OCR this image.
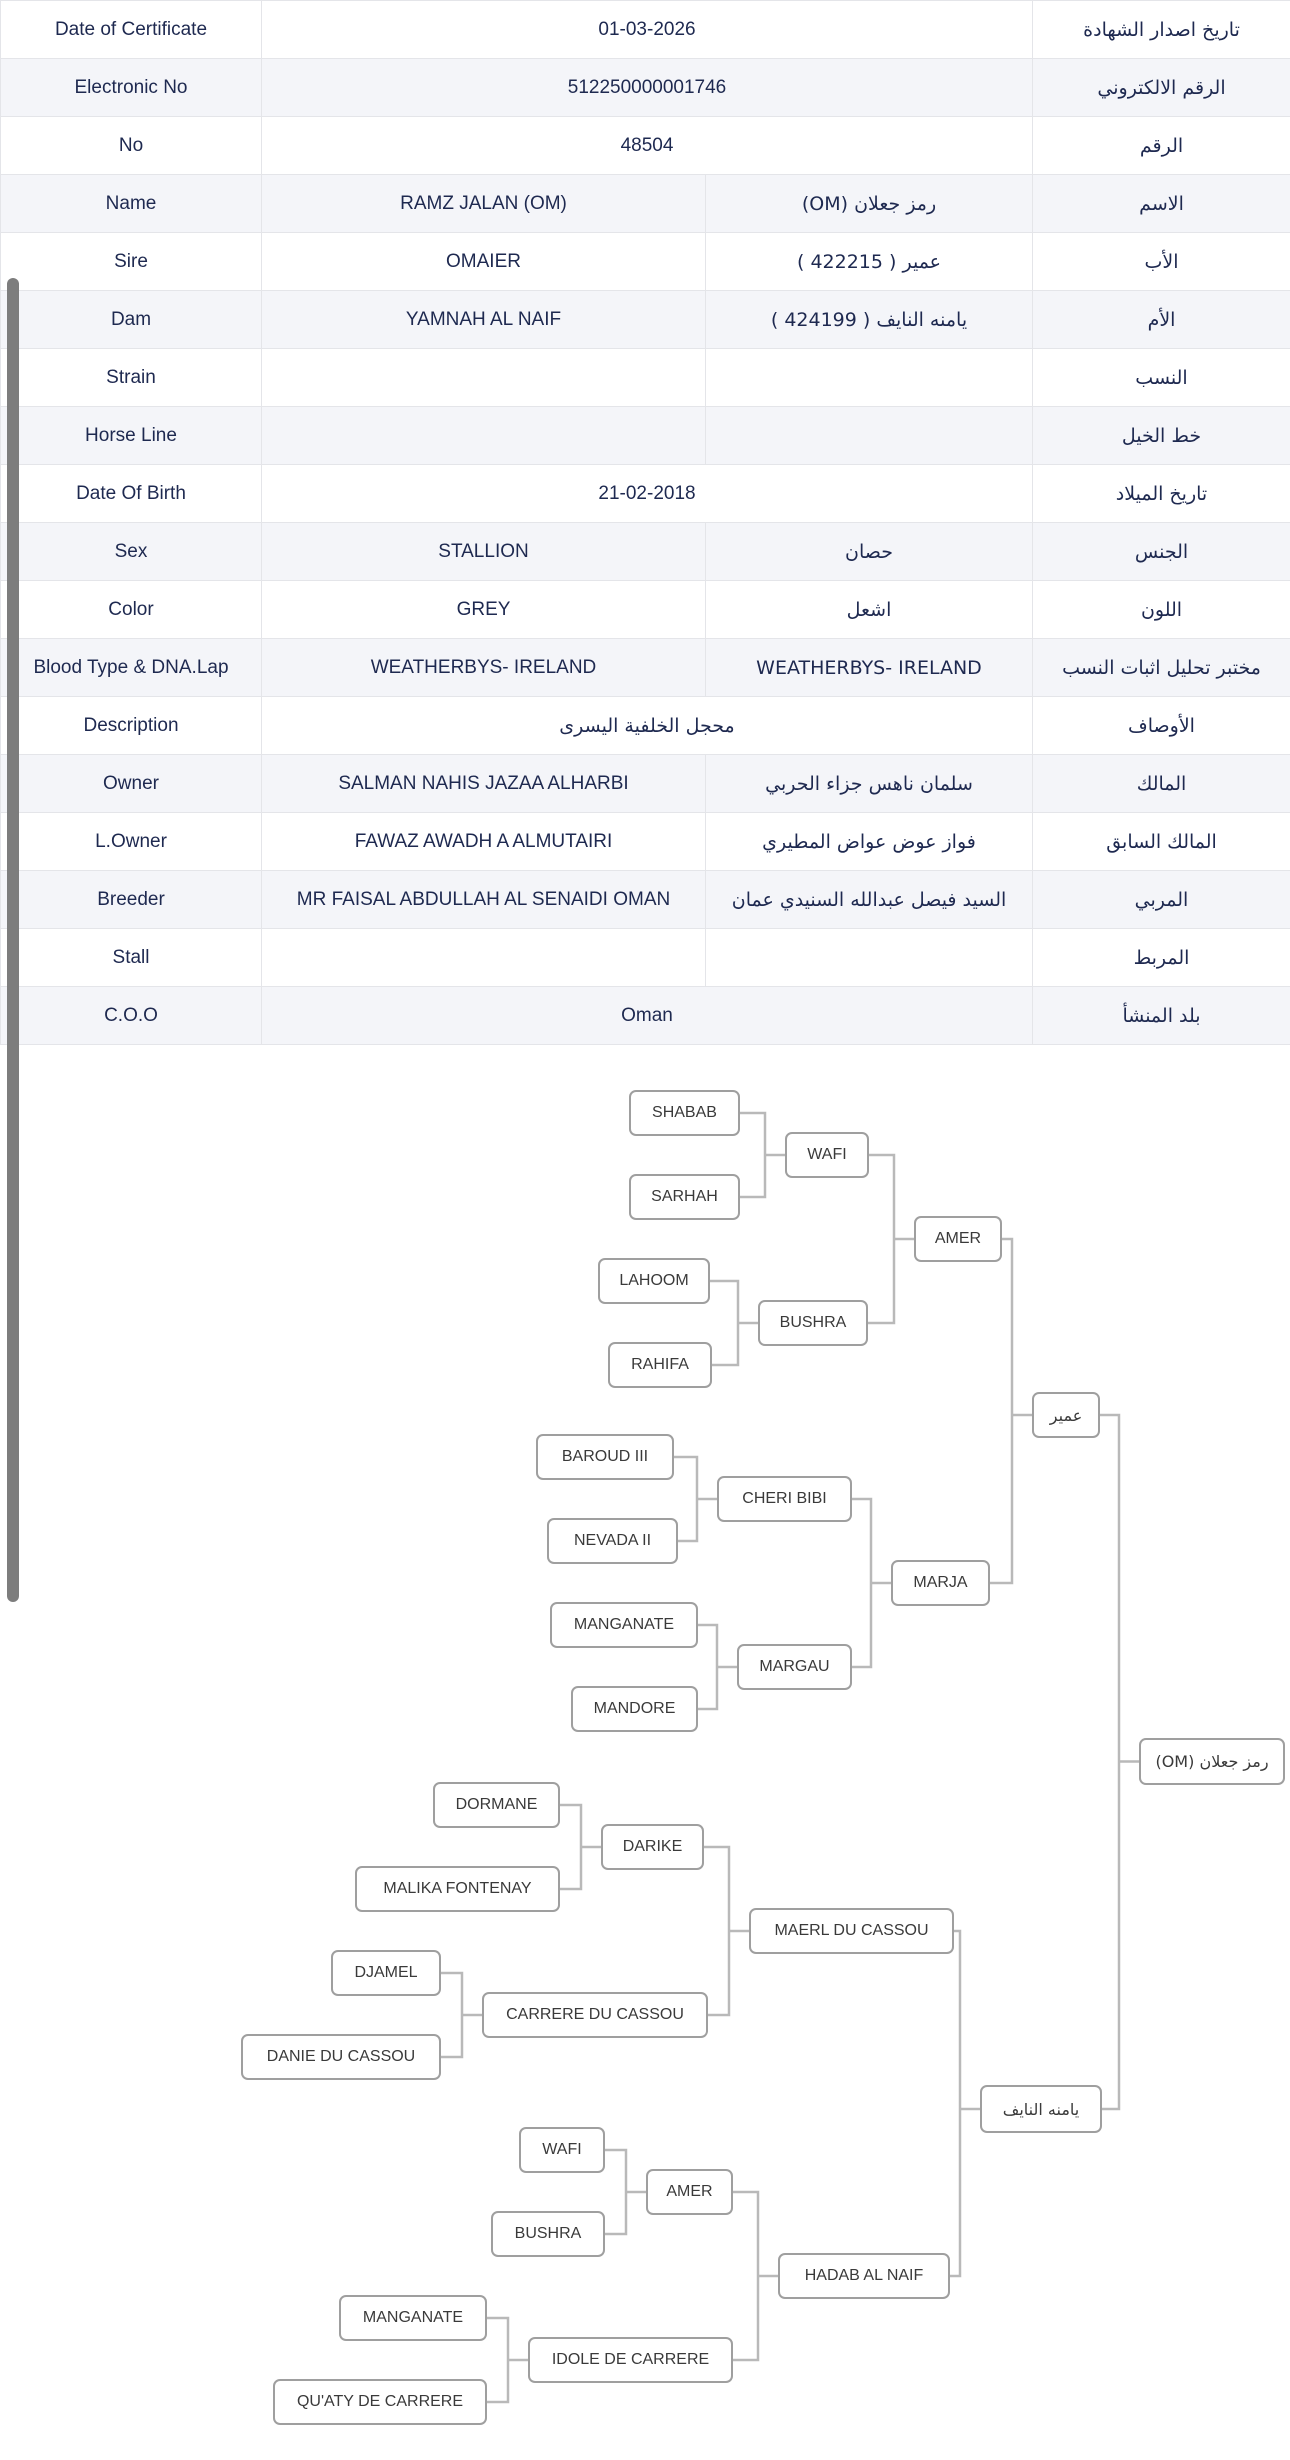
Date of Certificate	01-03-2026		تاريخ اصدار الشهادة
Electronic No	512250000001746		الرقم الالكتروني
No	48504		الرقم
Name	RAMZ JALAN (OM)	رمز جعلان (OM)	الاسم
Sire	OMAIER	عمير ( 422215 )	الأب
Dam	YAMNAH AL NAIF	يامنه النايف ( 424199 )	الأم
Strain			النسب
Horse Line			خط الخيل
Date Of Birth	21-02-2018		تاريخ الميلاد
Sex	STALLION	حصان	الجنس
Color	GREY	اشعل	اللون
Blood Type & DNA.Lap	WEATHERBYS- IRELAND	WEATHERBYS- IRELAND	مختبر تحليل اثبات النسب
Description	محجل الخلفية اليسرى		الأوصاف
Owner	SALMAN NAHIS JAZAA ALHARBI	سلمان ناهس جزاء الحربي	المالك
L.Owner	FAWAZ AWADH A ALMUTAIRI	فواز عوض عواض المطيري	المالك السابق
Breeder	MR FAISAL ABDULLAH AL SENAIDI OMAN	السيد فيصل عبدالله السنيدي عمان	المربي
Stall			المربط
C.O.O	Oman		بلد المنشأ
SHABAB
SARHAH
WAFI
LAHOOM
RAHIFA
BUSHRA
AMER
عمير
BAROUD III
NEVADA II
CHERI BIBI
MANGANATE
MANDORE
MARGAU
MARJA
رمز جعلان (OM)
DORMANE
MALIKA FONTENAY
DARIKE
DJAMEL
DANIE DU CASSOU
CARRERE DU CASSOU
MAERL DU CASSOU
يامنه النايف
WAFI
BUSHRA
AMER
MANGANATE
QU'ATY DE CARRERE
IDOLE DE CARRERE
HADAB AL NAIF
